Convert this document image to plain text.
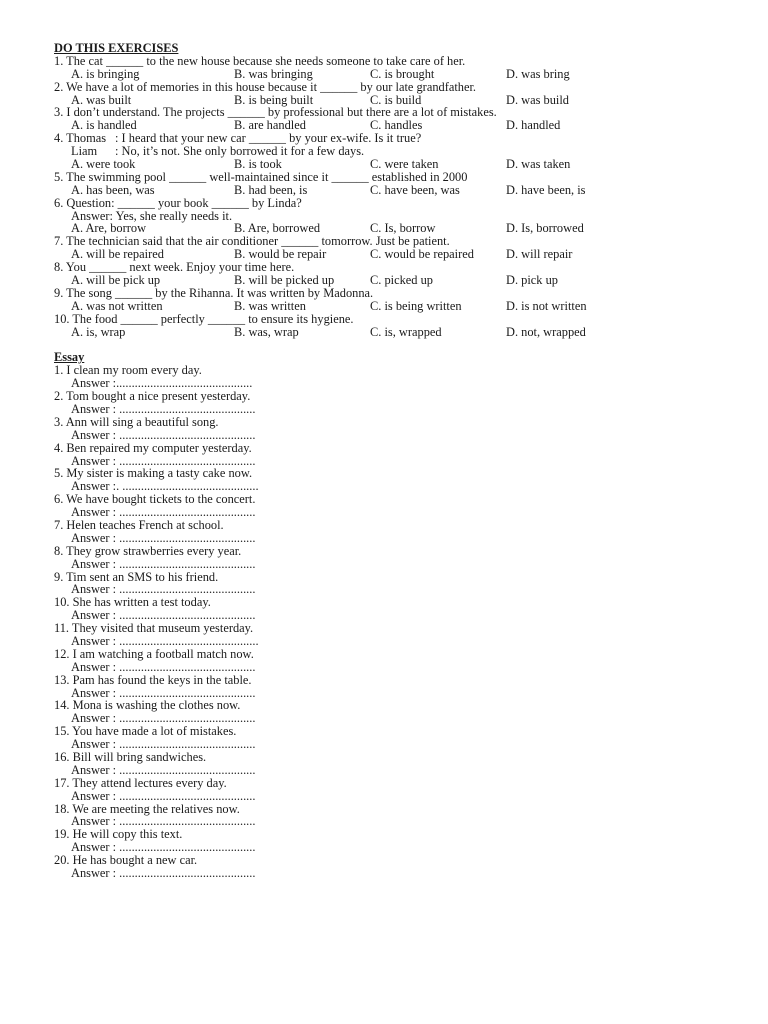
DO THIS EXERCISES
1. The cat ______ to the new house because she needs someone to take care of her.

A. is bringing

	B. was bringing

	C. is brought

	D. was bring

2. We have a lot of memories in this house because it ______ by our late grandfather.

A. was built

	B. is being built

	C. is build

	D. was build

3. I don’t understand. The projects ______ by professional but there are a lot of mistakes.

A. is handled

	B. are handled

	C. handles

	D. handled

4. Thomas : I heard that your new car ______ by your ex-wife. Is it true?
Liam : No, it’s not. She only borrowed it for a few days.

A. were took

	B. is took

	C. were taken

	D. was taken

5. The swimming pool ______ well-maintained since it ______ established in 2000

A. has been, was

	B. had been, is

	C. have been, was

	D. have been, is

6. Question: ______ your book ______ by Linda?
Answer: Yes, she really needs it.

A. Are, borrow

	B. Are, borrowed

	C. Is, borrow

	D. Is, borrowed

7. The technician said that the air conditioner ______ tomorrow. Just be patient.

A. will be repaired

	B. would be repair

	C. would be repaired

	D. will repair

8. You ______ next week. Enjoy your time here.

A. will be pick up

	B. will be picked up

	C. picked up

	D. pick up

9. The song ______ by the Rihanna. It was written by Madonna.

A. was not written

	B. was written

	C. is being written

	D. is not written

10. The food ______ perfectly ______ to ensure its hygiene.

A. is, wrap

	B. was, wrap

	C. is, wrapped

	D. not, wrapped

Essay
1. I clean my room every day.
Answer :............................................
2. Tom bought a nice present yesterday.
Answer : ............................................
3. Ann will sing a beautiful song.
Answer : ............................................
4. Ben repaired my computer yesterday.
Answer : ............................................
5. My sister is making a tasty cake now.
Answer :. ............................................
6. We have bought tickets to the concert.
Answer : ............................................
7. Helen teaches French at school.
Answer : ............................................
8. They grow strawberries every year.
Answer : ............................................
9. Tim sent an SMS to his friend.
Answer : ............................................
10. She has written a test today.
Answer : ............................................
11. They visited that museum yesterday.
Answer : .............................................
12. I am watching a football match now.
Answer : ............................................
13. Pam has found the keys in the table.
Answer : ............................................
14. Mona is washing the clothes now.
Answer : ............................................
15. You have made a lot of mistakes.
Answer : ............................................
16. Bill will bring sandwiches.
Answer : ............................................
17. They attend lectures every day.
Answer : ............................................
18. We are meeting the relatives now.
Answer : ............................................
19. He will copy this text.
Answer : ............................................
20. He has bought a new car.
Answer : ............................................
